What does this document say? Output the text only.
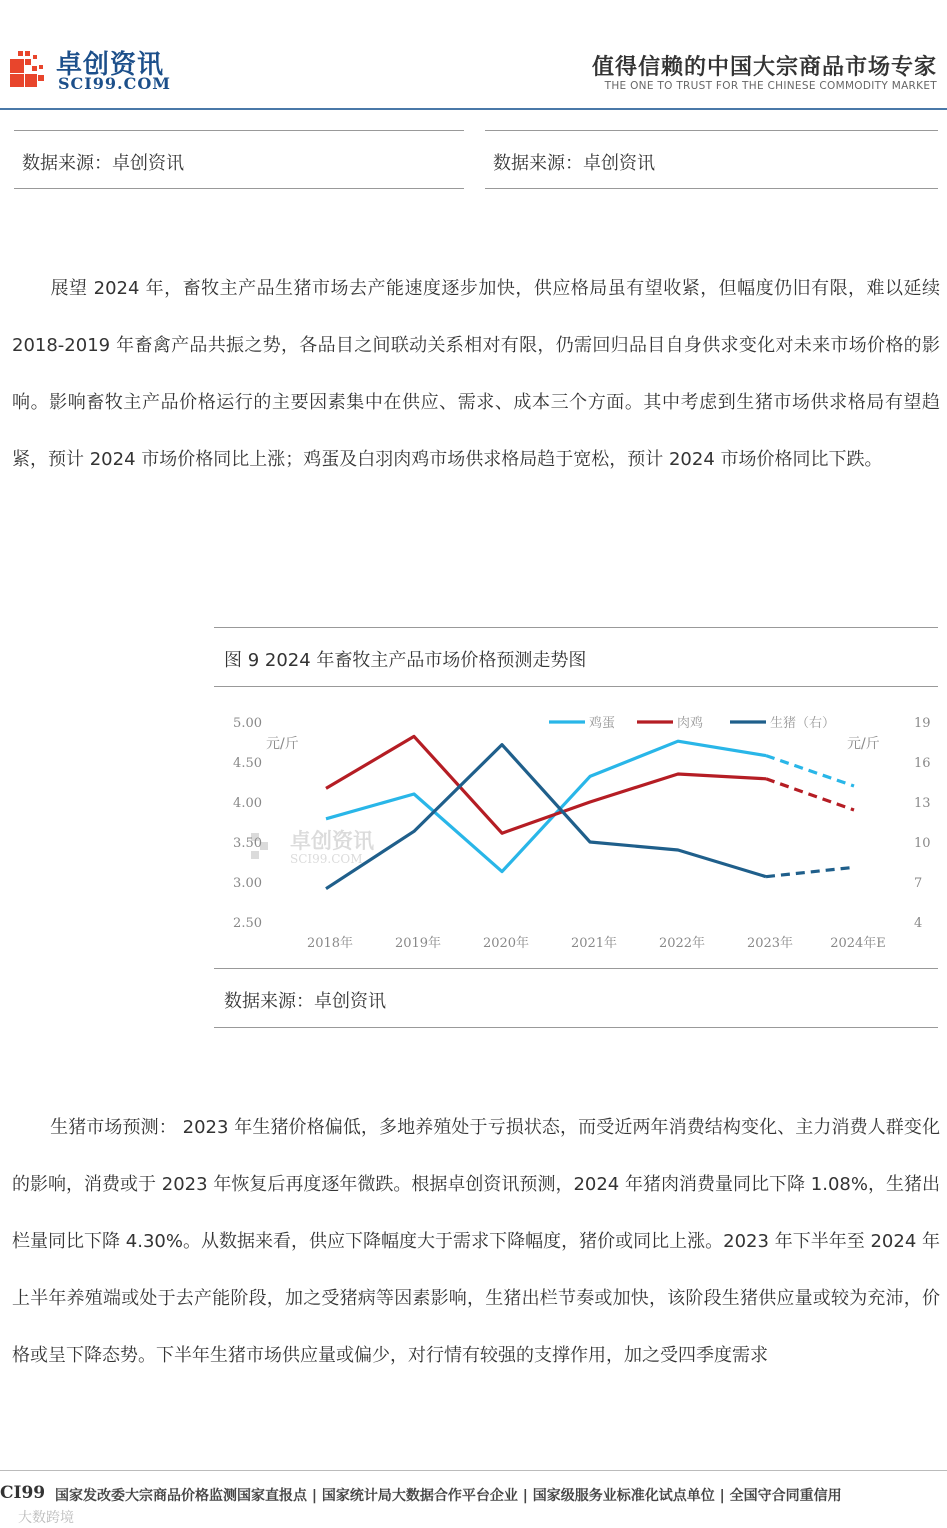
卓创资讯
SCI99.COM
值得信赖的中国大宗商品市场专家
THE ONE TO TRUST FOR THE CHINESE COMMODITY MARKET
数据来源：卓创资讯	数据来源：卓创资讯

展望 2024 年，畜牧主产品生猪市场去产能速度逐步加快，供应格局虽有望收紧，但幅度仍旧有限，难以延续 2018-2019 年畜禽产品共振之势，各品目之间联动关系相对有限，仍需回归品目自身供求变化对未来市场价格的影响。影响畜牧主产品价格运行的主要因素集中在供应、需求、成本三个方面。其中考虑到生猪市场供求格局有望趋紧，预计 2024 市场价格同比上涨；鸡蛋及白羽肉鸡市场供求格局趋于宽松，预计 2024 市场价格同比下跌。

图 9 2024 年畜牧主产品市场价格预测走势图
卓创资讯
SCI99.COM
元/斤	元/斤
5.00
4.50
4.00
3.50
3.00
2.50
19
16
13
10
7
4
2018年	2019年	2020年	2021年	2022年	2023年	2024年E
鸡蛋	肉鸡	生猪（右）
数据来源：卓创资讯

生猪市场预测： 2023 年生猪价格偏低，多地养殖处于亏损状态，而受近两年消费结构变化、主力消费人群变化的影响，消费或于 2023 年恢复后再度逐年微跌。根据卓创资讯预测，2024 年猪肉消费量同比下降 1.08%，生猪出栏量同比下降 4.30%。从数据来看，供应下降幅度大于需求下降幅度，猪价或同比上涨。2023 年下半年至 2024 年上半年养殖端或处于去产能阶段，加之受猪病等因素影响，生猪出栏节奏或加快，该阶段生猪供应量或较为充沛，价格或呈下降态势。下半年生猪市场供应量或偏少，对行情有较强的支撑作用，加之受四季度需求

CI99 国家发改委大宗商品价格监测国家直报点 | 国家统计局大数据合作平台企业 | 国家级服务业标准化试点单位 | 全国守合同重信用
大数跨境
